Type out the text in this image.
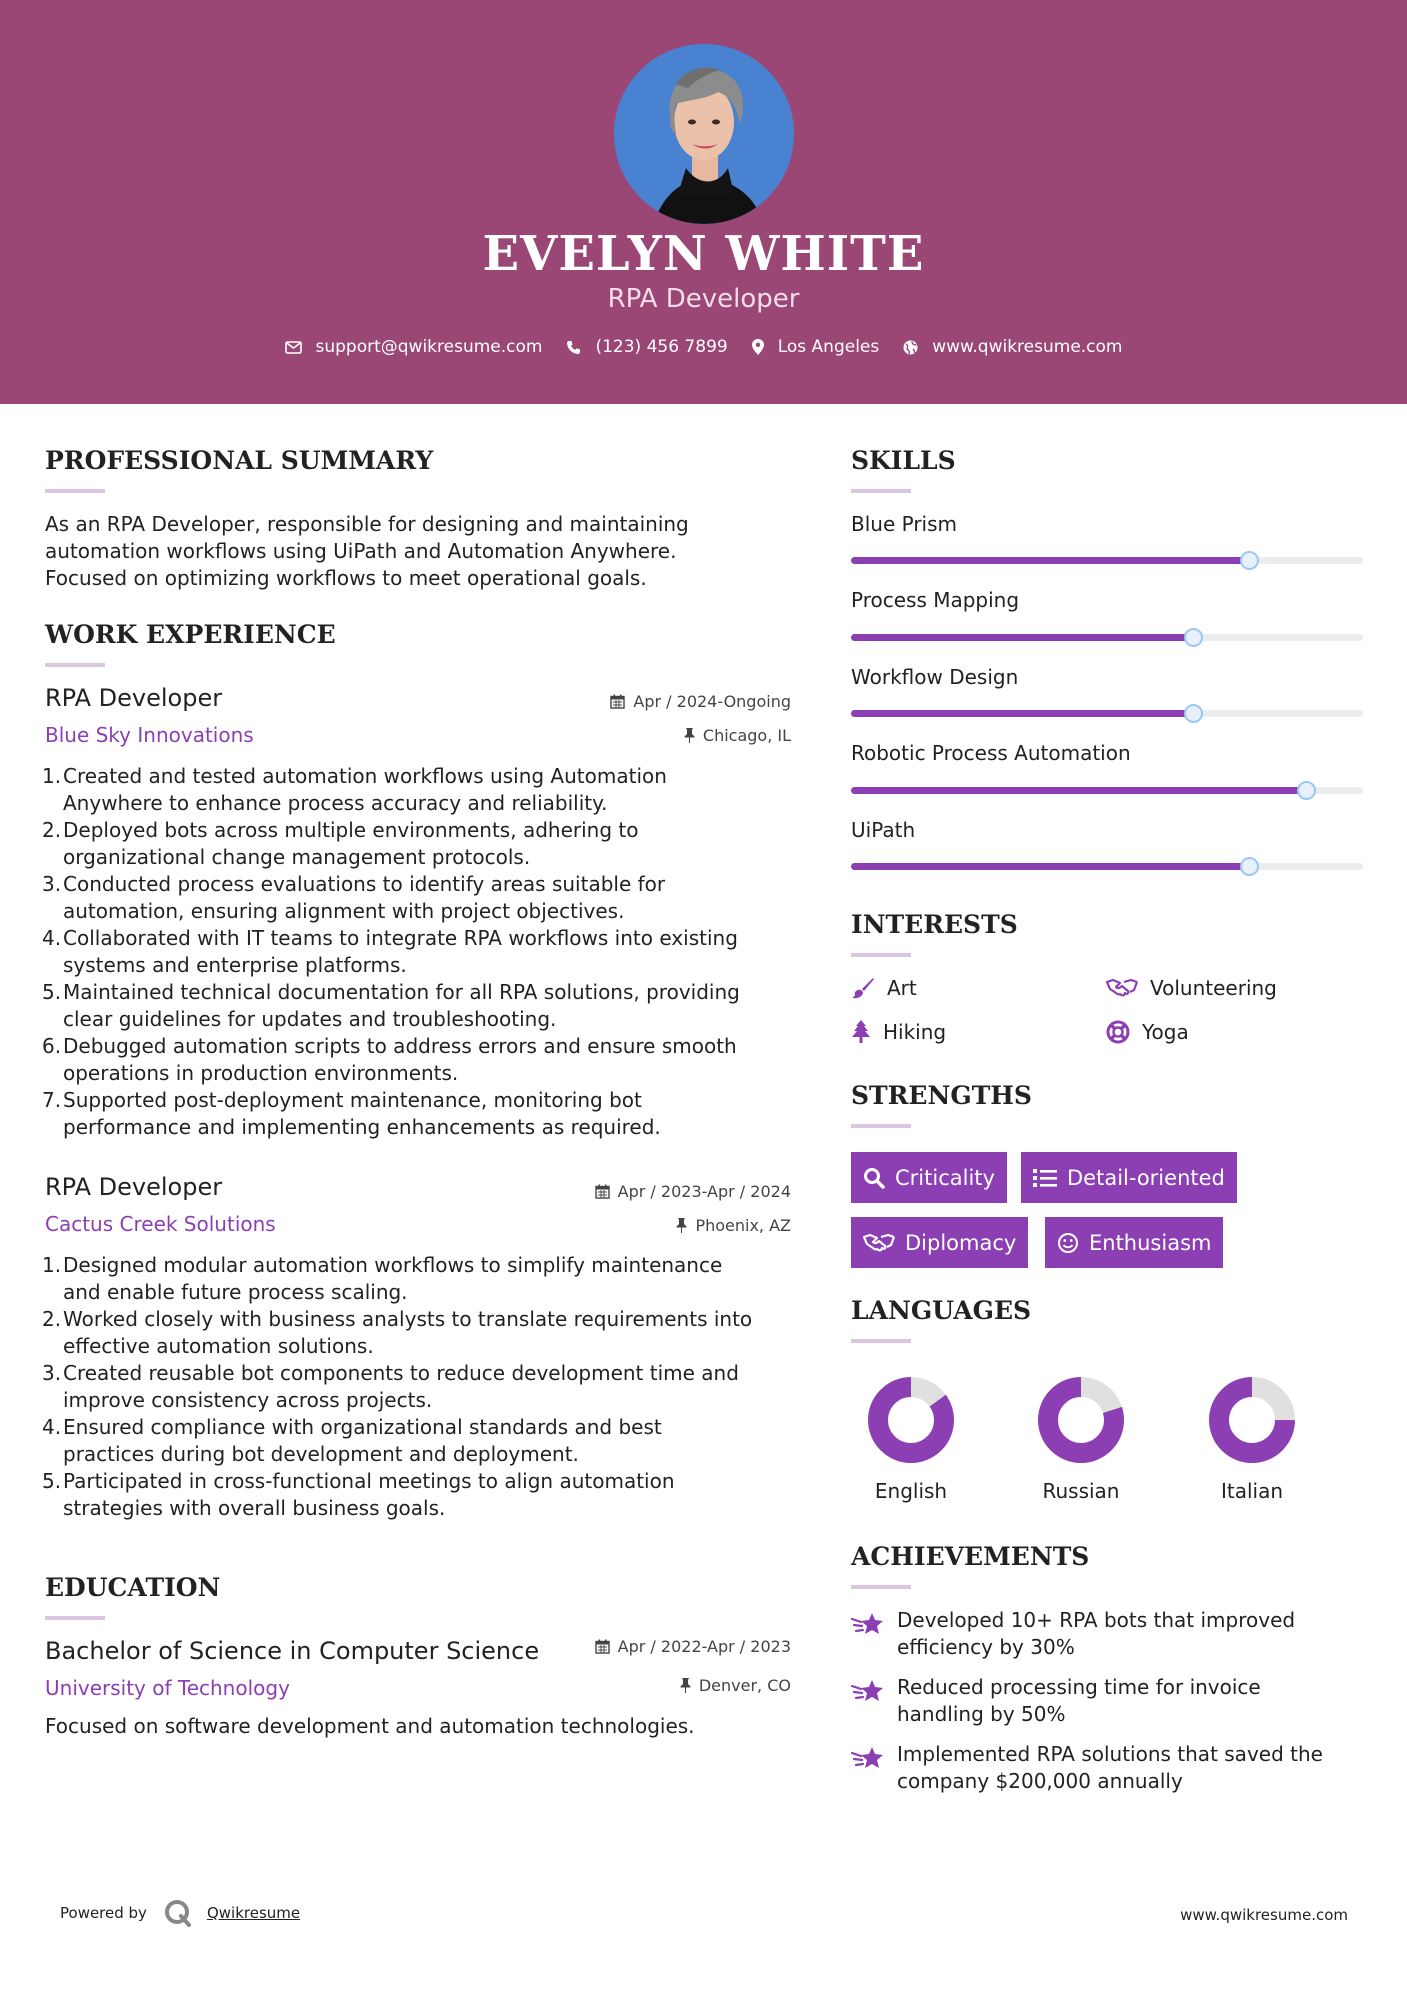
EVELYN WHITE
RPA Developer
support@qwikresume.com	(123) 456 7899	Los Angeles	www.qwikresume.com
PROFESSIONAL SUMMARY
As an RPA Developer, responsible for designing and maintaining
automation workflows using UiPath and Automation Anywhere.
Focused on optimizing workflows to meet operational goals.
WORK EXPERIENCE
RPA Developer	Apr / 2024-Ongoing
Blue Sky Innovations	Chicago, IL
1. Created and tested automation workflows using Automation
Anywhere to enhance process accuracy and reliability.
2. Deployed bots across multiple environments, adhering to
organizational change management protocols.
3. Conducted process evaluations to identify areas suitable for
automation, ensuring alignment with project objectives.
4. Collaborated with IT teams to integrate RPA workflows into existing
systems and enterprise platforms.
5. Maintained technical documentation for all RPA solutions, providing
clear guidelines for updates and troubleshooting.
6. Debugged automation scripts to address errors and ensure smooth
operations in production environments.
7. Supported post-deployment maintenance, monitoring bot
performance and implementing enhancements as required.
RPA Developer	Apr / 2023-Apr / 2024
Cactus Creek Solutions	Phoenix, AZ
1. Designed modular automation workflows to simplify maintenance
and enable future process scaling.
2. Worked closely with business analysts to translate requirements into
effective automation solutions.
3. Created reusable bot components to reduce development time and
improve consistency across projects.
4. Ensured compliance with organizational standards and best
practices during bot development and deployment.
5. Participated in cross-functional meetings to align automation
strategies with overall business goals.
EDUCATION
Bachelor of Science in Computer Science	Apr / 2022-Apr / 2023
University of Technology	Denver, CO
Focused on software development and automation technologies.
SKILLS
Blue Prism
Process Mapping
Workflow Design
Robotic Process Automation
UiPath
INTERESTS
Art	Volunteering
Hiking	Yoga
STRENGTHS
Criticality	Detail-oriented
Diplomacy	Enthusiasm
LANGUAGES
English	Russian	Italian
ACHIEVEMENTS
Developed 10+ RPA bots that improved
efficiency by 30%
Reduced processing time for invoice
handling by 50%
Implemented RPA solutions that saved the
company $200,000 annually
Powered by	Qwikresume	www.qwikresume.com
